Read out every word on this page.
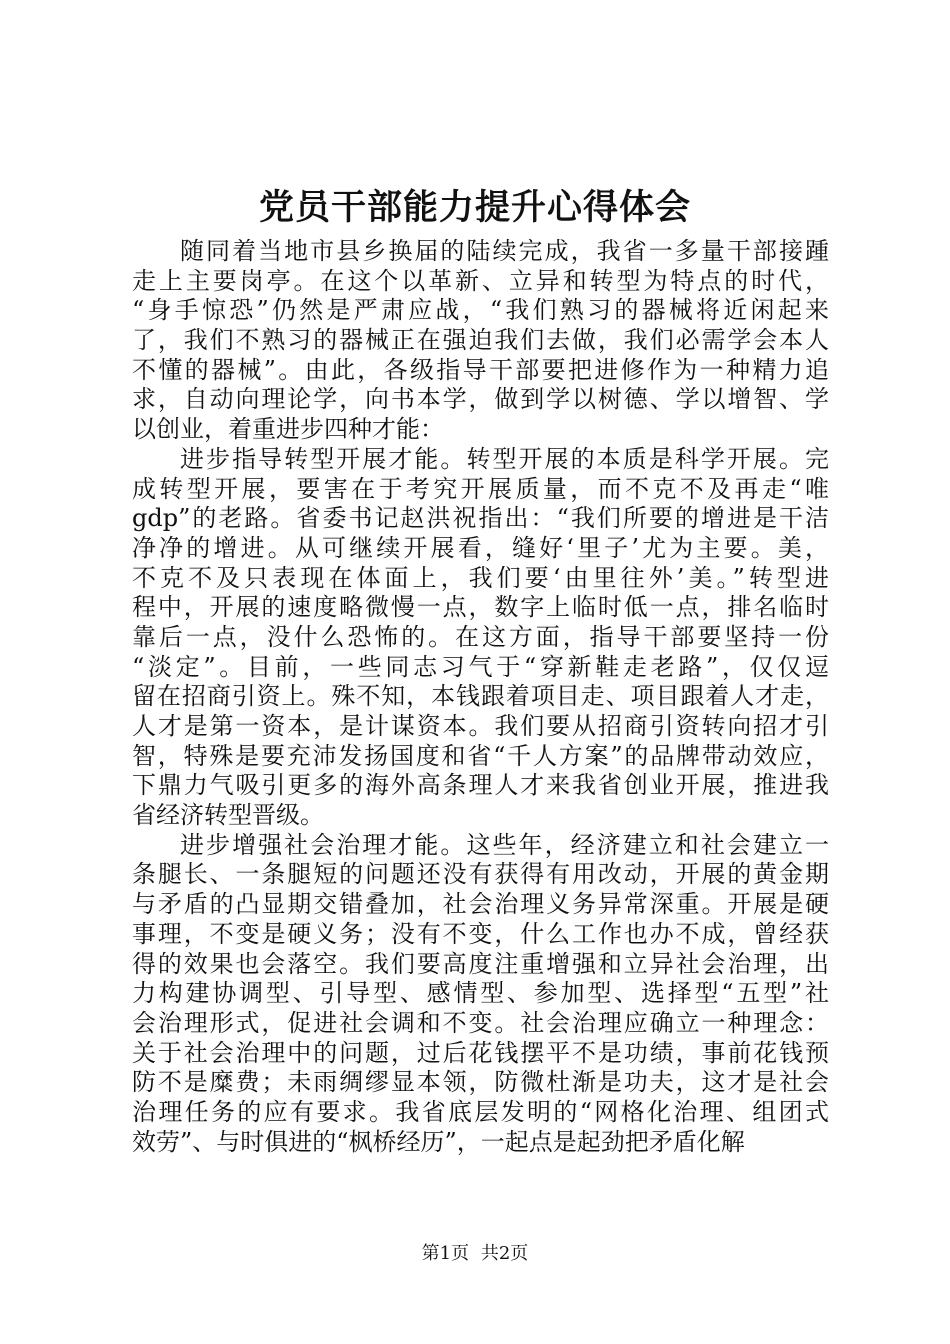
党员干部能力提升心得体会
随同着当地市县乡换届的陆续完成，我省一多量干部接踵
走上主要岗亭。在这个以革新、立异和转型为特点的时代，
“身手惊恐”仍然是严肃应战，“我们熟习的器械将近闲起来
了，我们不熟习的器械正在强迫我们去做，我们必需学会本人
不懂的器械”。由此，各级指导干部要把进修作为一种精力追
求，自动向理论学，向书本学，做到学以树德、学以增智、学
以创业，着重进步四种才能：
进步指导转型开展才能。转型开展的本质是科学开展。完
成转型开展，要害在于考究开展质量，而不克不及再走“唯
gdp”的老路。省委书记赵洪祝指出：“我们所要的增进是干洁
净净的增进。从可继续开展看，缝好‘里子’尤为主要。美，
不克不及只表现在体面上，我们要‘由里往外’美。”转型进
程中，开展的速度略微慢一点，数字上临时低一点，排名临时
靠后一点，没什么恐怖的。在这方面，指导干部要坚持一份
“淡定”。目前，一些同志习气于“穿新鞋走老路”，仅仅逗
留在招商引资上。殊不知，本钱跟着项目走、项目跟着人才走，
人才是第一资本，是计谋资本。我们要从招商引资转向招才引
智，特殊是要充沛发扬国度和省“千人方案”的品牌带动效应，
下鼎力气吸引更多的海外高条理人才来我省创业开展，推进我
省经济转型晋级。
进步增强社会治理才能。这些年，经济建立和社会建立一
条腿长、一条腿短的问题还没有获得有用改动，开展的黄金期
与矛盾的凸显期交错叠加，社会治理义务异常深重。开展是硬
事理，不变是硬义务；没有不变，什么工作也办不成，曾经获
得的效果也会落空。我们要高度注重增强和立异社会治理，出
力构建协调型、引导型、感情型、参加型、选择型“五型”社
会治理形式，促进社会调和不变。社会治理应确立一种理念：
关于社会治理中的问题，过后花钱摆平不是功绩，事前花钱预
防不是糜费；未雨绸缪显本领，防微杜渐是功夫，这才是社会
治理任务的应有要求。我省底层发明的“网格化治理、组团式
效劳”、与时俱进的“枫桥经历”，一起点是起劲把矛盾化解
第1页 共2页
